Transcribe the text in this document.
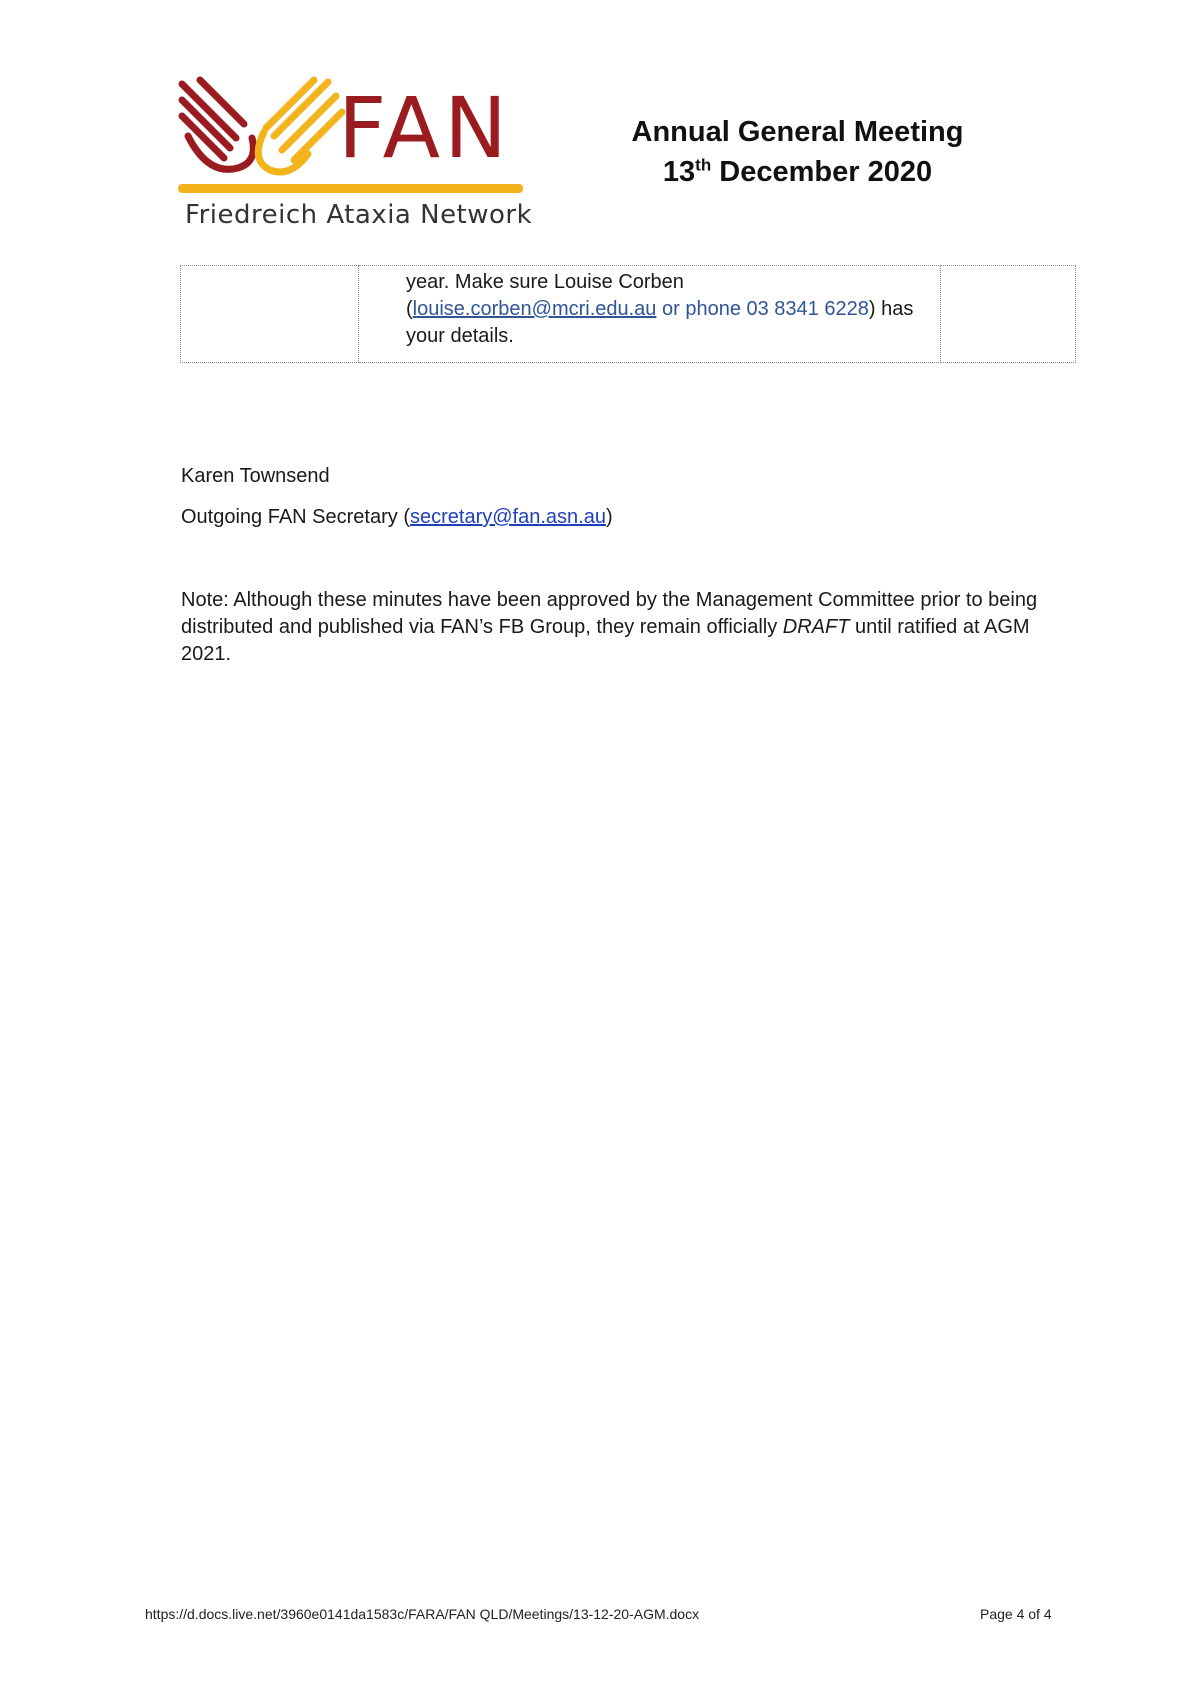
FAN
Friedreich Ataxia Network
Annual General Meeting
13th December 2020

year. Make sure Louise Corben
(louise.corben@mcri.edu.au or phone 03 8341 6228) has
your details.

Karen Townsend
Outgoing FAN Secretary (secretary@fan.asn.au)
Note: Although these minutes have been approved by the Management Committee prior to being distributed and published via FAN’s FB Group, they remain officially DRAFT until ratified at AGM 2021.
https://d.docs.live.net/3960e0141da1583c/FARA/FAN QLD/Meetings/13-12-20-AGM.docx	Page 4 of 4
